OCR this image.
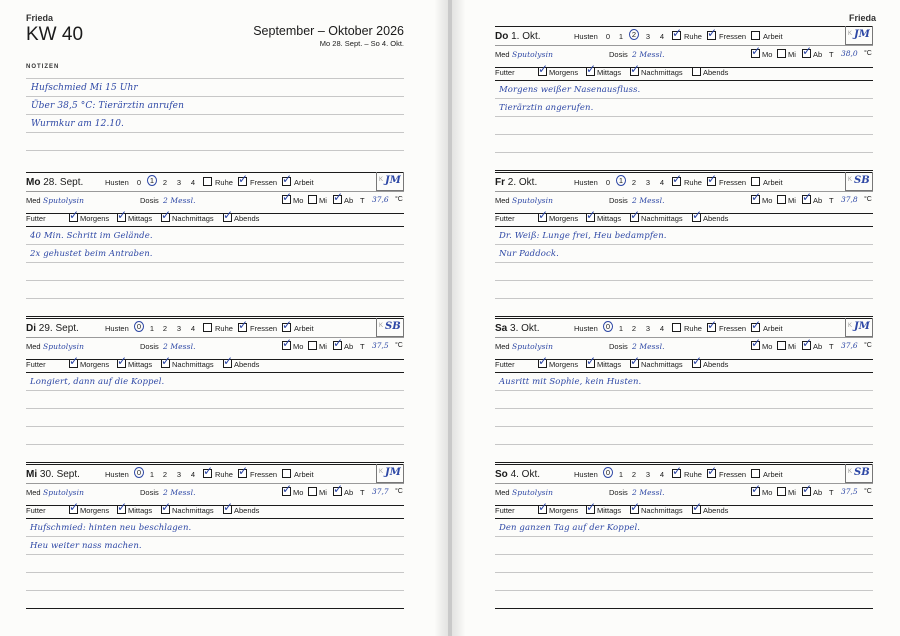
Frieda
KW 40	September – Oktober 2026
Mo 28. Sept. – So 4. Okt.
NOTIZEN
Hufschmied Mi 15 Uhr
Über 38,5 °C: Tierärztin anrufen
Wurmkur am 12.10.
Mo 28. Sept.	Husten	0	1	2	3	4	Ruhe ✓ Fressen ✓ Arbeit	K JM
Med Sputolysin	Dosis 2 Messl.	✓ Mo Mi ✓ Ab T 37,6 °C
Futter ✓ Morgens ✓ Mittags ✓ Nachmittags ✓ Abends
40 Min. Schritt im Gelände.
2x gehustet beim Antraben.
Di 29. Sept.	Husten	0	1	2	3	4	Ruhe ✓ Fressen ✓ Arbeit	K SB
Med Sputolysin	Dosis 2 Messl.	✓ Mo Mi ✓ Ab T 37,5 °C
Futter ✓ Morgens ✓ Mittags ✓ Nachmittags ✓ Abends
Longiert, dann auf die Koppel.
Mi 30. Sept.	Husten	0	1	2	3	4 ✓ Ruhe ✓ Fressen Arbeit	K JM
Med Sputolysin	Dosis 2 Messl.	✓ Mo Mi ✓ Ab T 37,7 °C
Futter ✓ Morgens ✓ Mittags ✓ Nachmittags ✓ Abends
Hufschmied: hinten neu beschlagen.
Heu weiter nass machen.
Frieda
Do 1. Okt.	Husten	0	1	2	3	4 ✓ Ruhe ✓ Fressen Arbeit	K JM
Med Sputolysin	Dosis 2 Messl.	✓ Mo Mi ✓ Ab T 38,0 °C
Futter ✓ Morgens ✓ Mittags ✓ Nachmittags	Abends
Morgens weißer Nasenausfluss.
Tierärztin angerufen.
Fr 2. Okt.	Husten	0	1	2	3	4 ✓ Ruhe ✓ Fressen Arbeit	K SB
Med Sputolysin	Dosis 2 Messl.	✓ Mo Mi ✓ Ab T 37,8 °C
Futter ✓ Morgens ✓ Mittags ✓ Nachmittags ✓ Abends
Dr. Weiß: Lunge frei, Heu bedampfen.
Nur Paddock.
Sa 3. Okt.	Husten	0	1	2	3	4	Ruhe ✓ Fressen ✓ Arbeit	K JM
Med Sputolysin	Dosis 2 Messl.	✓ Mo Mi ✓ Ab T 37,6 °C
Futter ✓ Morgens ✓ Mittags ✓ Nachmittags ✓ Abends
Ausritt mit Sophie, kein Husten.
So 4. Okt.	Husten	0	1	2	3	4 ✓ Ruhe ✓ Fressen Arbeit	K SB
Med Sputolysin	Dosis 2 Messl.	✓ Mo Mi ✓ Ab T 37,5 °C
Futter ✓ Morgens ✓ Mittags ✓ Nachmittags ✓ Abends
Den ganzen Tag auf der Koppel.
